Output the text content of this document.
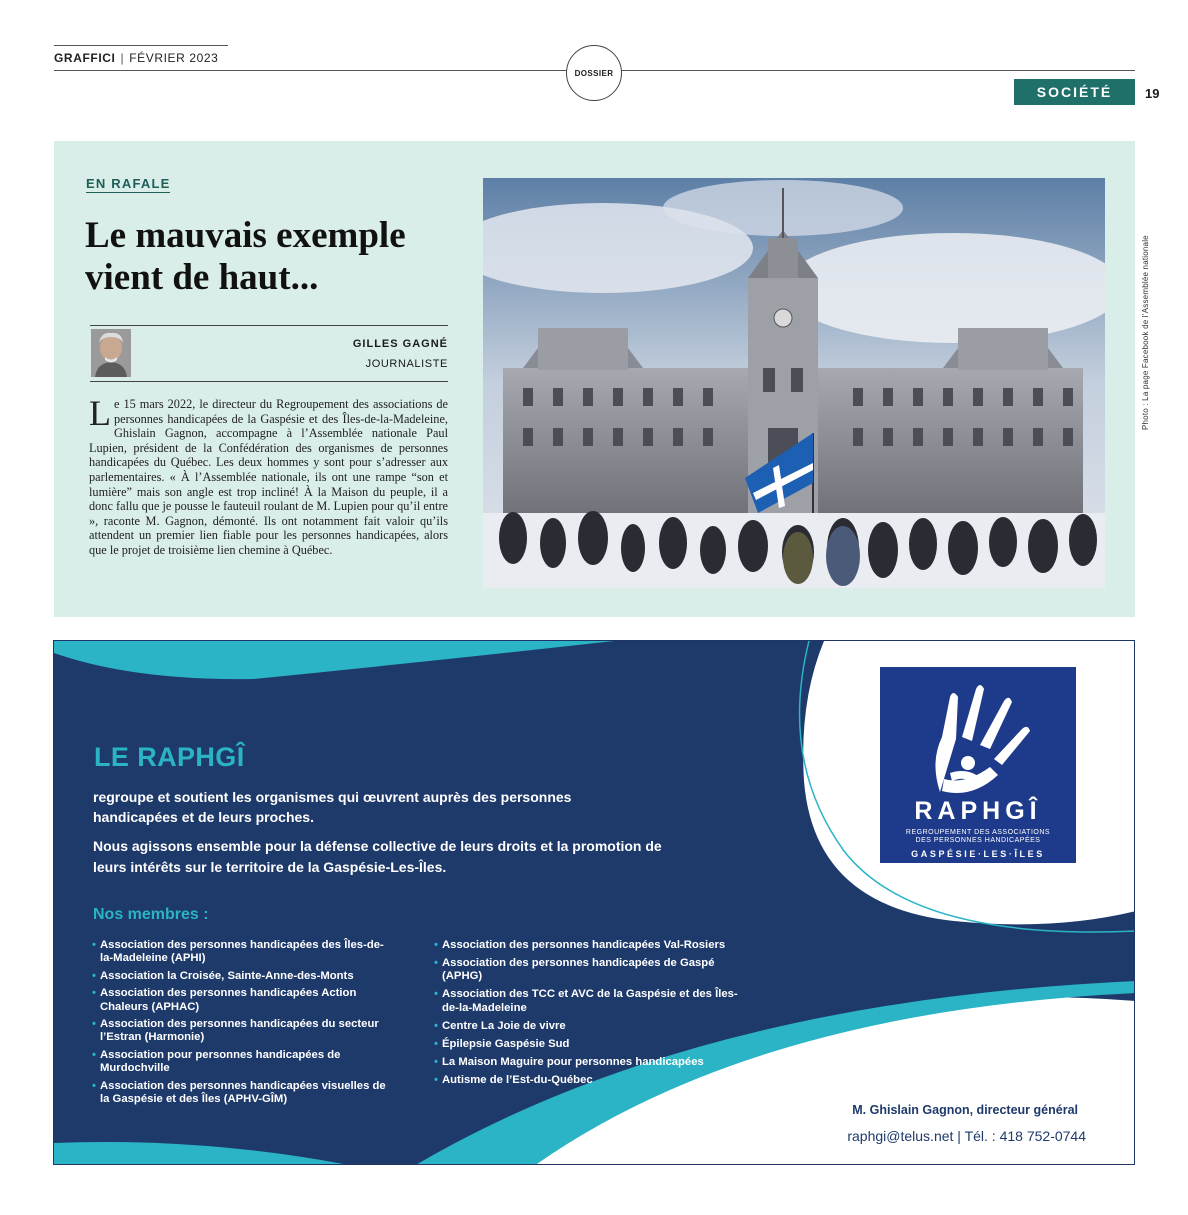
GRAFFICI | FÉVRIER 2023
DOSSIER
SOCIÉTÉ	19
EN RAFALE
Le mauvais exemple vient de haut...
GILLES GAGNÉ
JOURNALISTE

Le 15 mars 2022, le directeur du Regroupement des associations de personnes handicapées de la Gaspésie et des Îles-de-la-Madeleine, Ghislain Gagnon, accompagne à l’Assemblée nationale Paul Lupien, président de la Confédération des organismes de personnes handicapées du Québec. Les deux hommes y sont pour s’adresser aux parlementaires. « À l’Assemblée nationale, ils ont une rampe “son et lumière” mais son angle est trop incliné! À la Maison du peuple, il a donc fallu que je pousse le fauteuil roulant de M. Lupien pour qu’il entre », raconte M. Gagnon, démonté. Ils ont notamment fait valoir qu’ils attendent un premier lien fiable pour les personnes handicapées, alors que le projet de troisième lien chemine à Québec.

Photo : La page Facebook de l’Assemblée nationale
LE RAPHGÎ

regroupe et soutient les organismes qui œuvrent auprès des personnes handicapées et de leurs proches.

Nous agissons ensemble pour la défense collective de leurs droits et la promotion de leurs intérêts sur le territoire de la Gaspésie-Les-Îles.

Nos membres :
• Association des personnes handicapées des Îles-de-la-Madeleine (APHI)
• Association la Croisée, Sainte-Anne-des-Monts
• Association des personnes handicapées Action Chaleurs (APHAC)
• Association des personnes handicapées du secteur l’Estran (Harmonie)
• Association pour personnes handicapées de Murdochville
• Association des personnes handicapées visuelles de la Gaspésie et des Îles (APHV-GÎM)
• Association des personnes handicapées Val-Rosiers
• Association des personnes handicapées de Gaspé (APHG)
• Association des TCC et AVC de la Gaspésie et des Îles-de-la-Madeleine
• Centre La Joie de vivre
• Épilepsie Gaspésie Sud
• La Maison Maguire pour personnes handicapées
• Autisme de l’Est-du-Québec
RAPHGÎ
REGROUPEMENT DES ASSOCIATIONS
DES PERSONNES HANDICAPÉES
GASPÉSIE·LES·ÎLES
M. Ghislain Gagnon, directeur général
raphgi@telus.net | Tél. : 418 752-0744
